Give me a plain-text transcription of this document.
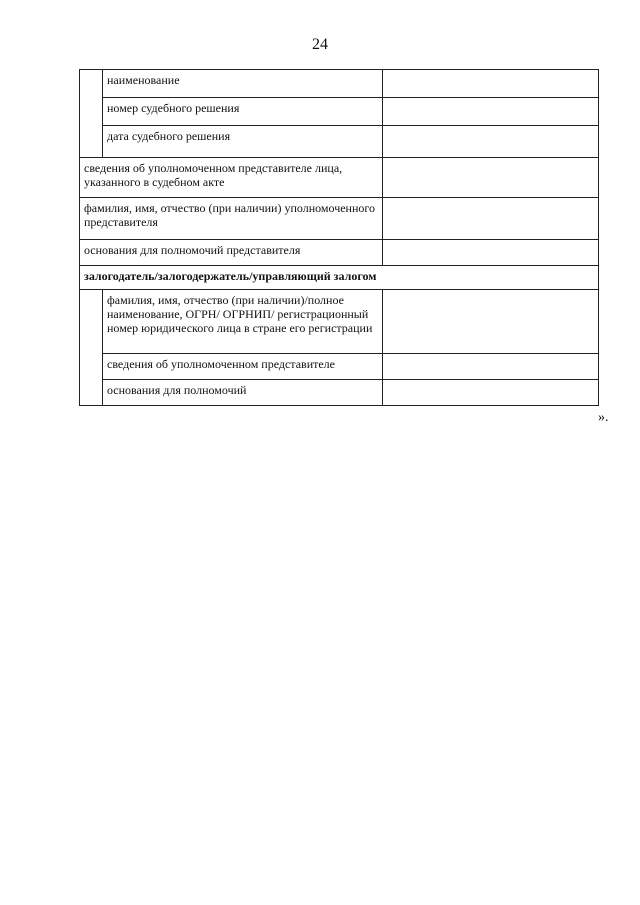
24
	наименование	
	номер судебного решения	
	дата судебного решения	
сведения об уполномоченном представителе лица, указанного в судебном акте		
фамилия, имя, отчество (при наличии) уполномоченного представителя		
основания для полномочий представителя		
залогодатель/залогодержатель/управляющий залогом		
	фамилия, имя, отчество (при наличии)/полное наименование, ОГРН/ ОГРНИП/ регистрационный номер юридического лица в стране его регистрации	
	сведения об уполномоченном представителе	
	основания для полномочий	
».
